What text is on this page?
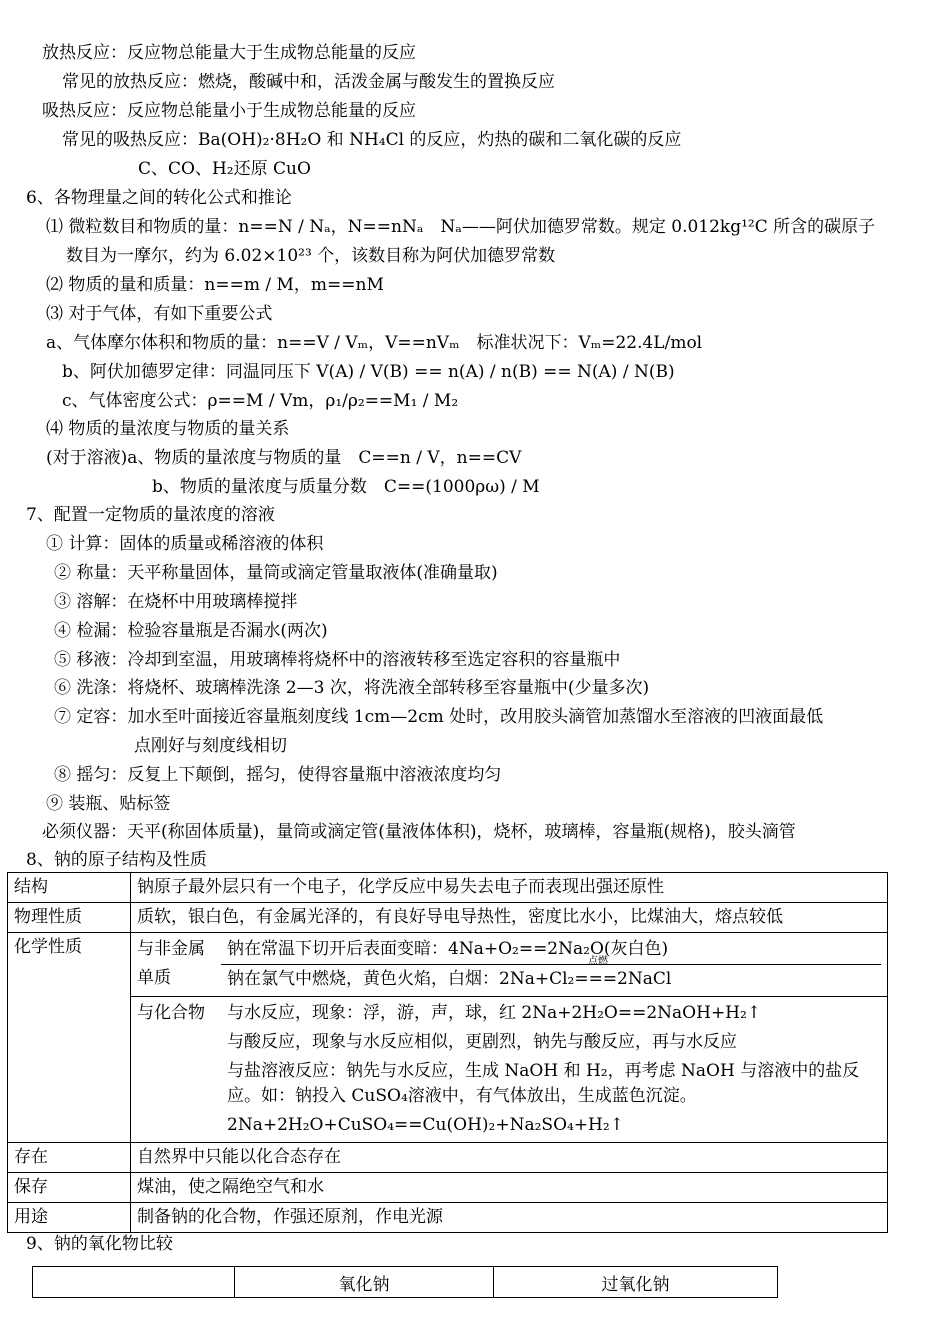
放热反应：反应物总能量大于生成物总能量的反应
常见的放热反应：燃烧，酸碱中和，活泼金属与酸发生的置换反应
吸热反应：反应物总能量小于生成物总能量的反应
常见的吸热反应：Ba(OH)₂·8H₂O 和 NH₄Cl 的反应，灼热的碳和二氧化碳的反应
C、CO、H₂还原 CuO
6、各物理量之间的转化公式和推论
⑴ 微粒数目和物质的量：n==N / Nₐ，N==nNₐ　Nₐ——阿伏加德罗常数。规定 0.012kg¹²C 所含的碳原子
数目为一摩尔，约为 6.02×10²³ 个，该数目称为阿伏加德罗常数
⑵ 物质的量和质量：n==m / M，m==nM
⑶ 对于气体，有如下重要公式
a、气体摩尔体积和物质的量：n==V / Vₘ，V==nVₘ　标准状况下：Vₘ=22.4L/mol
b、阿伏加德罗定律：同温同压下 V(A) / V(B) == n(A) / n(B) == N(A) / N(B)
c、气体密度公式：ρ==M / Vm，ρ₁/ρ₂==M₁ / M₂
⑷ 物质的量浓度与物质的量关系
(对于溶液)a、物质的量浓度与物质的量　C==n / V，n==CV
b、物质的量浓度与质量分数　C==(1000ρω) / M
7、配置一定物质的量浓度的溶液
① 计算：固体的质量或稀溶液的体积
② 称量：天平称量固体，量筒或滴定管量取液体(准确量取)
③ 溶解：在烧杯中用玻璃棒搅拌
④ 检漏：检验容量瓶是否漏水(两次)
⑤ 移液：冷却到室温，用玻璃棒将烧杯中的溶液转移至选定容积的容量瓶中
⑥ 洗涤：将烧杯、玻璃棒洗涤 2—3 次，将洗液全部转移至容量瓶中(少量多次)
⑦ 定容：加水至叶面接近容量瓶刻度线 1cm—2cm 处时，改用胶头滴管加蒸馏水至溶液的凹液面最低
点刚好与刻度线相切
⑧ 摇匀：反复上下颠倒，摇匀，使得容量瓶中溶液浓度均匀
⑨ 装瓶、贴标签
必须仪器：天平(称固体质量)，量筒或滴定管(量液体体积)，烧杯，玻璃棒，容量瓶(规格)，胶头滴管
8、钠的原子结构及性质
9、钠的氧化物比较
结构	钠原子最外层只有一个电子，化学反应中易失去电子而表现出强还原性
物理性质	质软，银白色，有金属光泽的，有良好导电导热性，密度比水小，比煤油大，熔点较低
化学性质		与非金属单质	
钠在常温下切开后表面变暗：4Na+O₂==2Na₂O(灰白色)
钠在氯气中燃烧，黄色火焰，白烟：2Na+Cl₂===2NaCl

与化合物	与水反应，现象：浮，游，声，球，红 2Na+2H₂O==2NaOH+H₂↑
与酸反应，现象与水反应相似，更剧烈，钠先与酸反应，再与水反应
与盐溶液反应：钠先与水反应，生成 NaOH 和 H₂，再考虑 NaOH 与溶液中的盐反应。如：钠投入 CuSO₄溶液中，有气体放出，生成蓝色沉淀。
2Na+2H₂O+CuSO₄==Cu(OH)₂+Na₂SO₄+H₂↑

存在	自然界中只能以化合态存在
保存	煤油，使之隔绝空气和水
用途	制备钠的化合物，作强还原剂，作电光源
点燃
	氧化钠	过氧化钠
